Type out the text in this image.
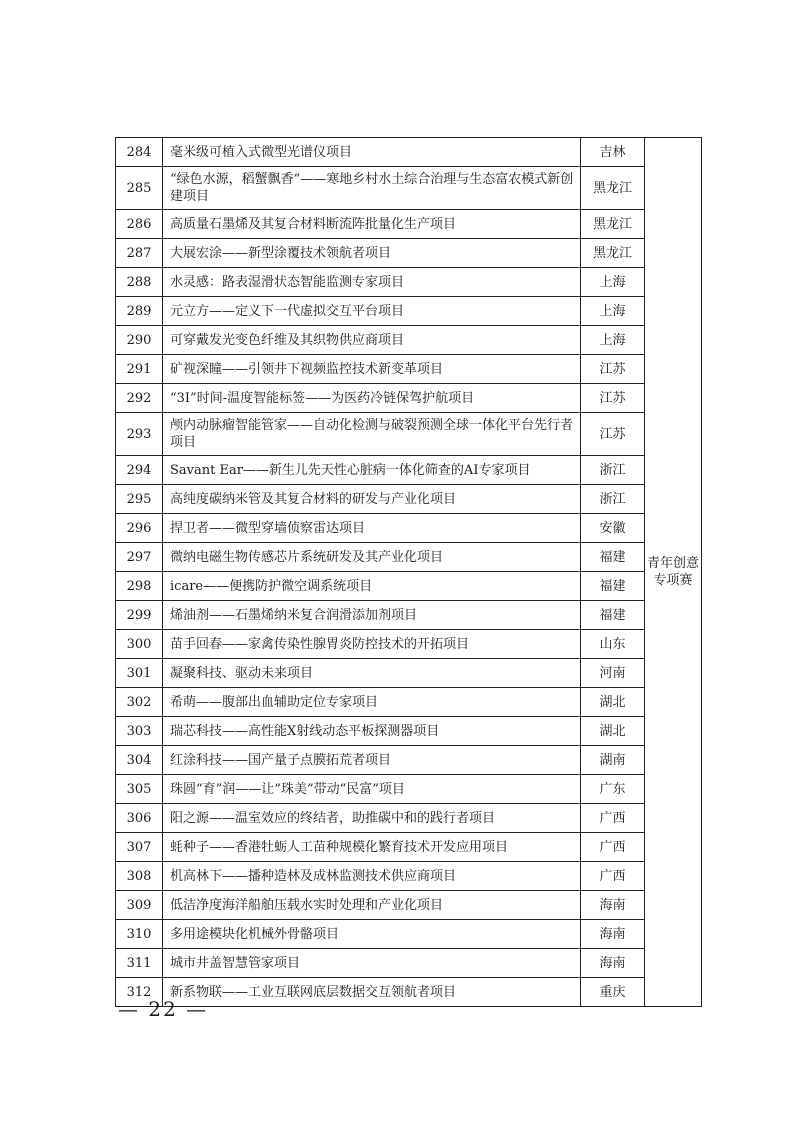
284	毫米级可植入式微型光谱仪项目	吉林	青年创意专项赛
285	“绿色水源，稻蟹飘香”——寒地乡村水土综合治理与生态富农模式新创建项目	黑龙江	
286	高质量石墨烯及其复合材料断流阵批量化生产项目	黑龙江	
287	大展宏涂——新型涂覆技术领航者项目	黑龙江	
288	水灵感：路表湿滑状态智能监测专家项目	上海	
289	元立方——定义下一代虚拟交互平台项目	上海	
290	可穿戴发光变色纤维及其织物供应商项目	上海	
291	矿视深瞳——引领井下视频监控技术新变革项目	江苏	
292	“3I”时间-温度智能标签——为医药冷链保驾护航项目	江苏	
293	颅内动脉瘤智能管家——自动化检测与破裂预测全球一体化平台先行者项目	江苏	
294	Savant Ear——新生儿先天性心脏病一体化筛查的AI专家项目	浙江	
295	高纯度碳纳米管及其复合材料的研发与产业化项目	浙江	
296	捍卫者——微型穿墙侦察雷达项目	安徽	
297	微纳电磁生物传感芯片系统研发及其产业化项目	福建	
298	icare——便携防护微空调系统项目	福建	
299	烯油剂——石墨烯纳米复合润滑添加剂项目	福建	
300	苗手回春——家禽传染性腺胃炎防控技术的开拓项目	山东	
301	凝聚科技、驱动未来项目	河南	
302	希萌——腹部出血辅助定位专家项目	湖北	
303	瑞芯科技——高性能X射线动态平板探测器项目	湖北	
304	红涂科技——国产量子点膜拓荒者项目	湖南	
305	珠圆“育”润——让“珠美”带动“民富”项目	广东	
306	阳之源——温室效应的终结者，助推碳中和的践行者项目	广西	
307	蚝种子——香港牡蛎人工苗种规模化繁育技术开发应用项目	广西	
308	机高林下——播种造林及成林监测技术供应商项目	广西	
309	低洁净度海洋船舶压载水实时处理和产业化项目	海南	
310	多用途模块化机械外骨骼项目	海南	
311	城市井盖智慧管家项目	海南	
312	新系物联——工业互联网底层数据交互领航者项目	重庆	
— 22 —
